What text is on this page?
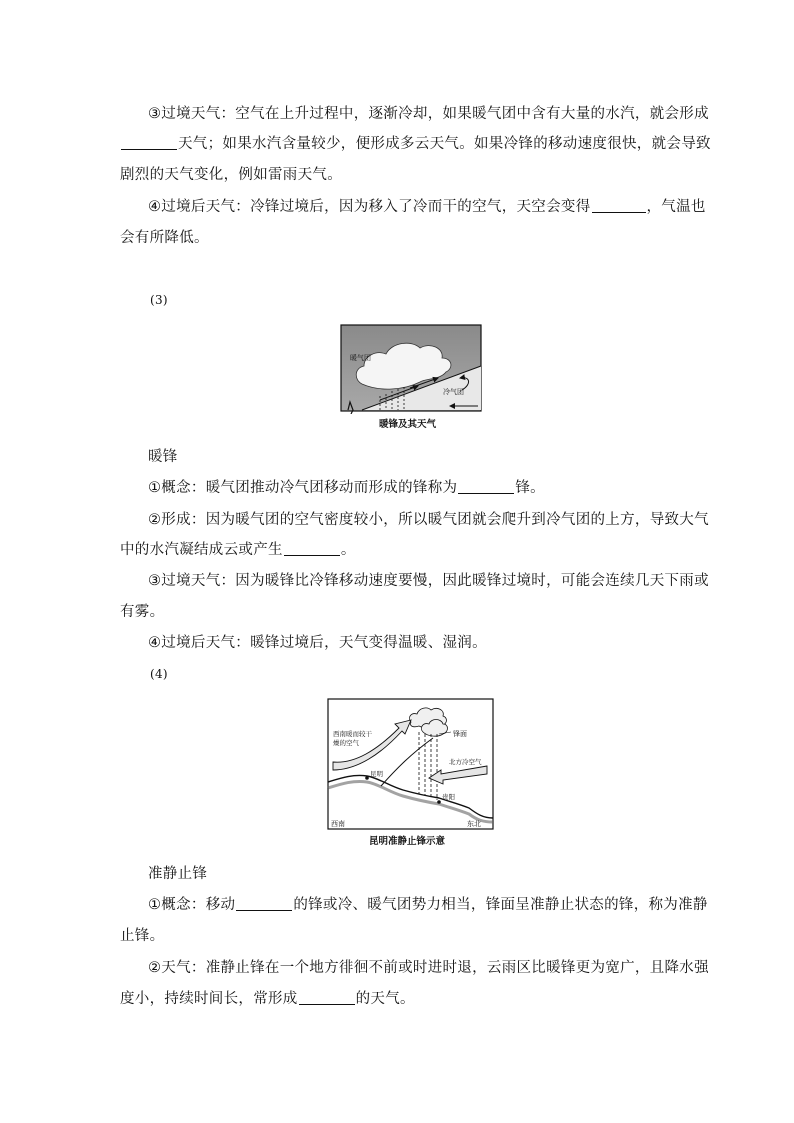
③过境天气：空气在上升过程中，逐渐冷却，如果暖气团中含有大量的水汽，就会形成
天气；如果水汽含量较少，便形成多云天气。如果冷锋的移动速度很快，就会导致
剧烈的天气变化，例如雷雨天气。
④过境后天气：冷锋过境后，因为移入了冷而干的空气，天空会变得	，气温也
会有所降低。
(3)
暖气团
冷气团
暖锋及其天气
暖锋
①概念：暖气团推动冷气团移动而形成的锋称为	锋。
②形成：因为暖气团的空气密度较小，所以暖气团就会爬升到冷气团的上方，导致大气
中的水汽凝结成云或产生	。
③过境天气：因为暖锋比冷锋移动速度要慢，因此暖锋过境时，可能会连续几天下雨或
有雾。
④过境后天气：暖锋过境后，天气变得温暖、湿润。
(4)
西南暖而较干 燥的空气
锋面
北方冷空气
昆明
贵阳
西南	东北
昆明准静止锋示意
准静止锋
①概念：移动	的锋或冷、暖气团势力相当，锋面呈准静止状态的锋，称为准静
止锋。
②天气：准静止锋在一个地方徘徊不前或时进时退，云雨区比暖锋更为宽广，且降水强
度小，持续时间长，常形成	的天气。
